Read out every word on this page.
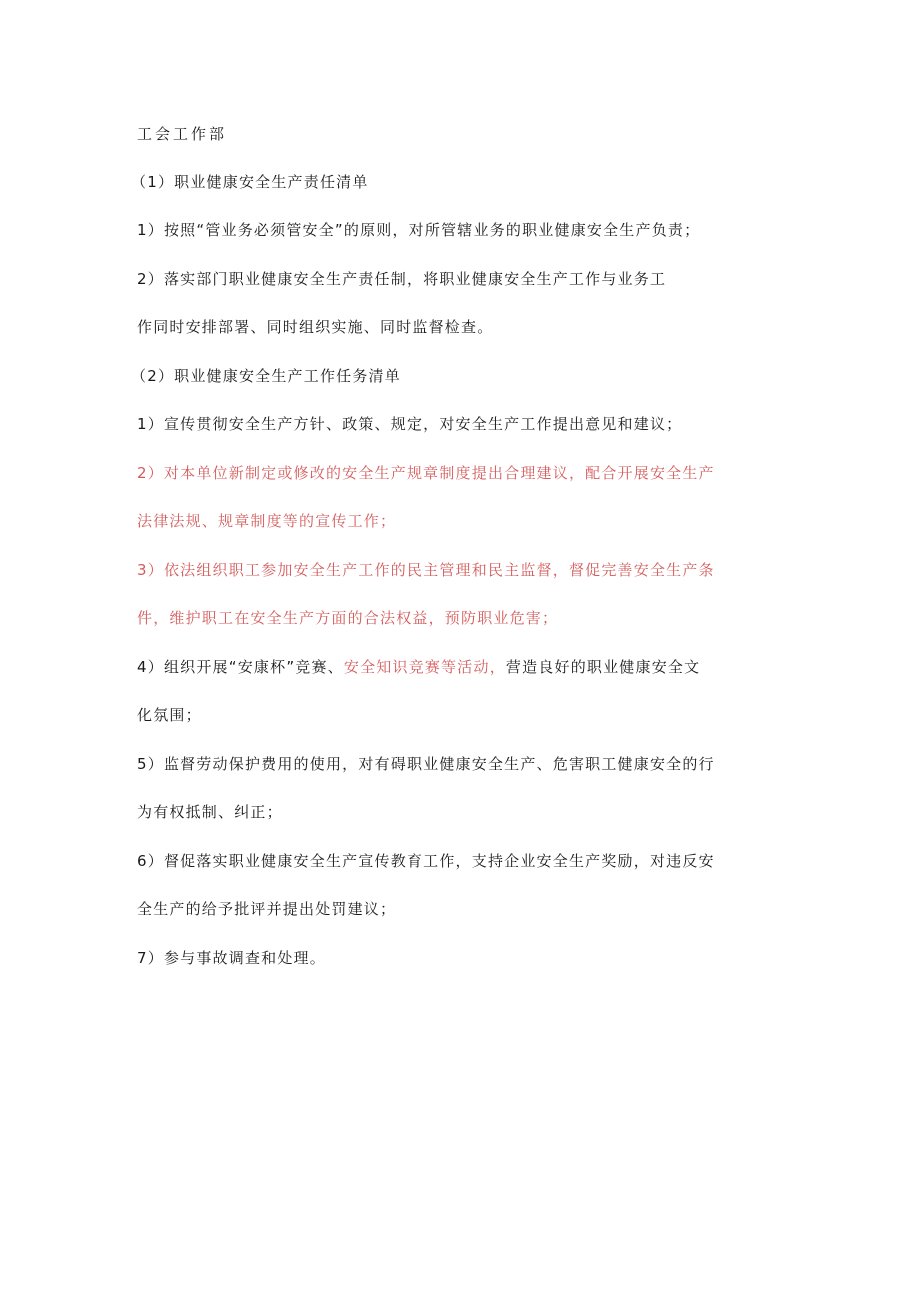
工会工作部
（1）职业健康安全生产责任清单
1）按照“管业务必须管安全”的原则，对所管辖业务的职业健康安全生产负责；
2）落实部门职业健康安全生产责任制，将职业健康安全生产工作与业务工
作同时安排部署、同时组织实施、同时监督检查。
（2）职业健康安全生产工作任务清单
1）宣传贯彻安全生产方针、政策、规定，对安全生产工作提出意见和建议；
2）对本单位新制定或修改的安全生产规章制度提出合理建议，配合开展安全生产
法律法规、规章制度等的宣传工作；
3）依法组织职工参加安全生产工作的民主管理和民主监督，督促完善安全生产条
件，维护职工在安全生产方面的合法权益，预防职业危害；
4）组织开展“安康杯”竞赛、安全知识竞赛等活动，营造良好的职业健康安全文
化氛围；
5）监督劳动保护费用的使用，对有碍职业健康安全生产、危害职工健康安全的行
为有权抵制、纠正；
6）督促落实职业健康安全生产宣传教育工作，支持企业安全生产奖励，对违反安
全生产的给予批评并提出处罚建议；
7）参与事故调查和处理。
